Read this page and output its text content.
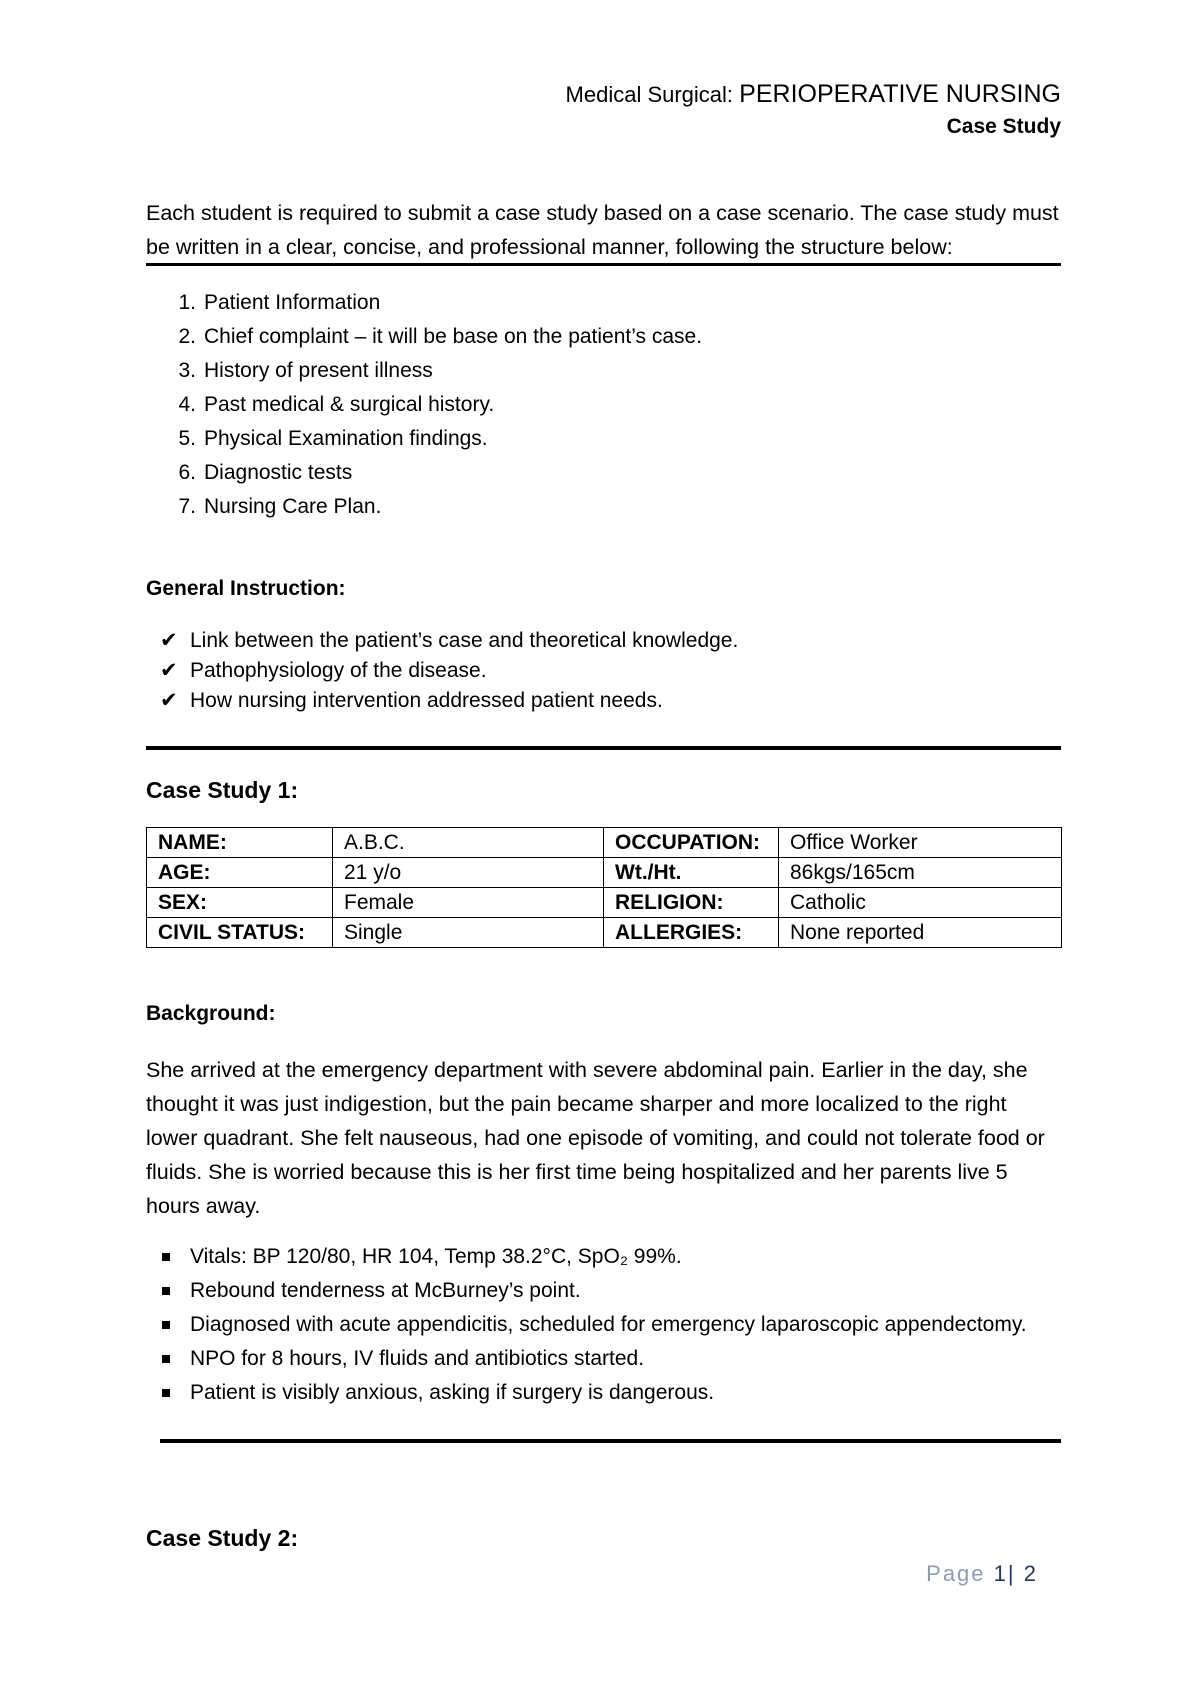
Medical Surgical: PERIOPERATIVE NURSING
Case Study
Each student is required to submit a case study based on a case scenario. The case study must be written in a clear, concise, and professional manner, following the structure below:
1. Patient Information
2. Chief complaint – it will be base on the patient’s case.
3. History of present illness
4. Past medical & surgical history.
5. Physical Examination findings.
6. Diagnostic tests
7. Nursing Care Plan.
General Instruction:
✔ Link between the patient’s case and theoretical knowledge.
✔ Pathophysiology of the disease.
✔ How nursing intervention addressed patient needs.
Case Study 1:
NAME:	A.B.C.	OCCUPATION:	Office Worker
AGE:	21 y/o	Wt./Ht.	86kgs/165cm
SEX:	Female	RELIGION:	Catholic
CIVIL STATUS:	Single	ALLERGIES:	None reported
Background:
She arrived at the emergency department with severe abdominal pain. Earlier in the day, she thought it was just indigestion, but the pain became sharper and more localized to the right lower quadrant. She felt nauseous, had one episode of vomiting, and could not tolerate food or fluids. She is worried because this is her first time being hospitalized and her parents live 5 hours away.
Vitals: BP 120/80, HR 104, Temp 38.2°C, SpO₂ 99%.
Rebound tenderness at McBurney’s point.
Diagnosed with acute appendicitis, scheduled for emergency laparoscopic appendectomy.
NPO for 8 hours, IV fluids and antibiotics started.
Patient is visibly anxious, asking if surgery is dangerous.
Case Study 2:
Page 1| 2
